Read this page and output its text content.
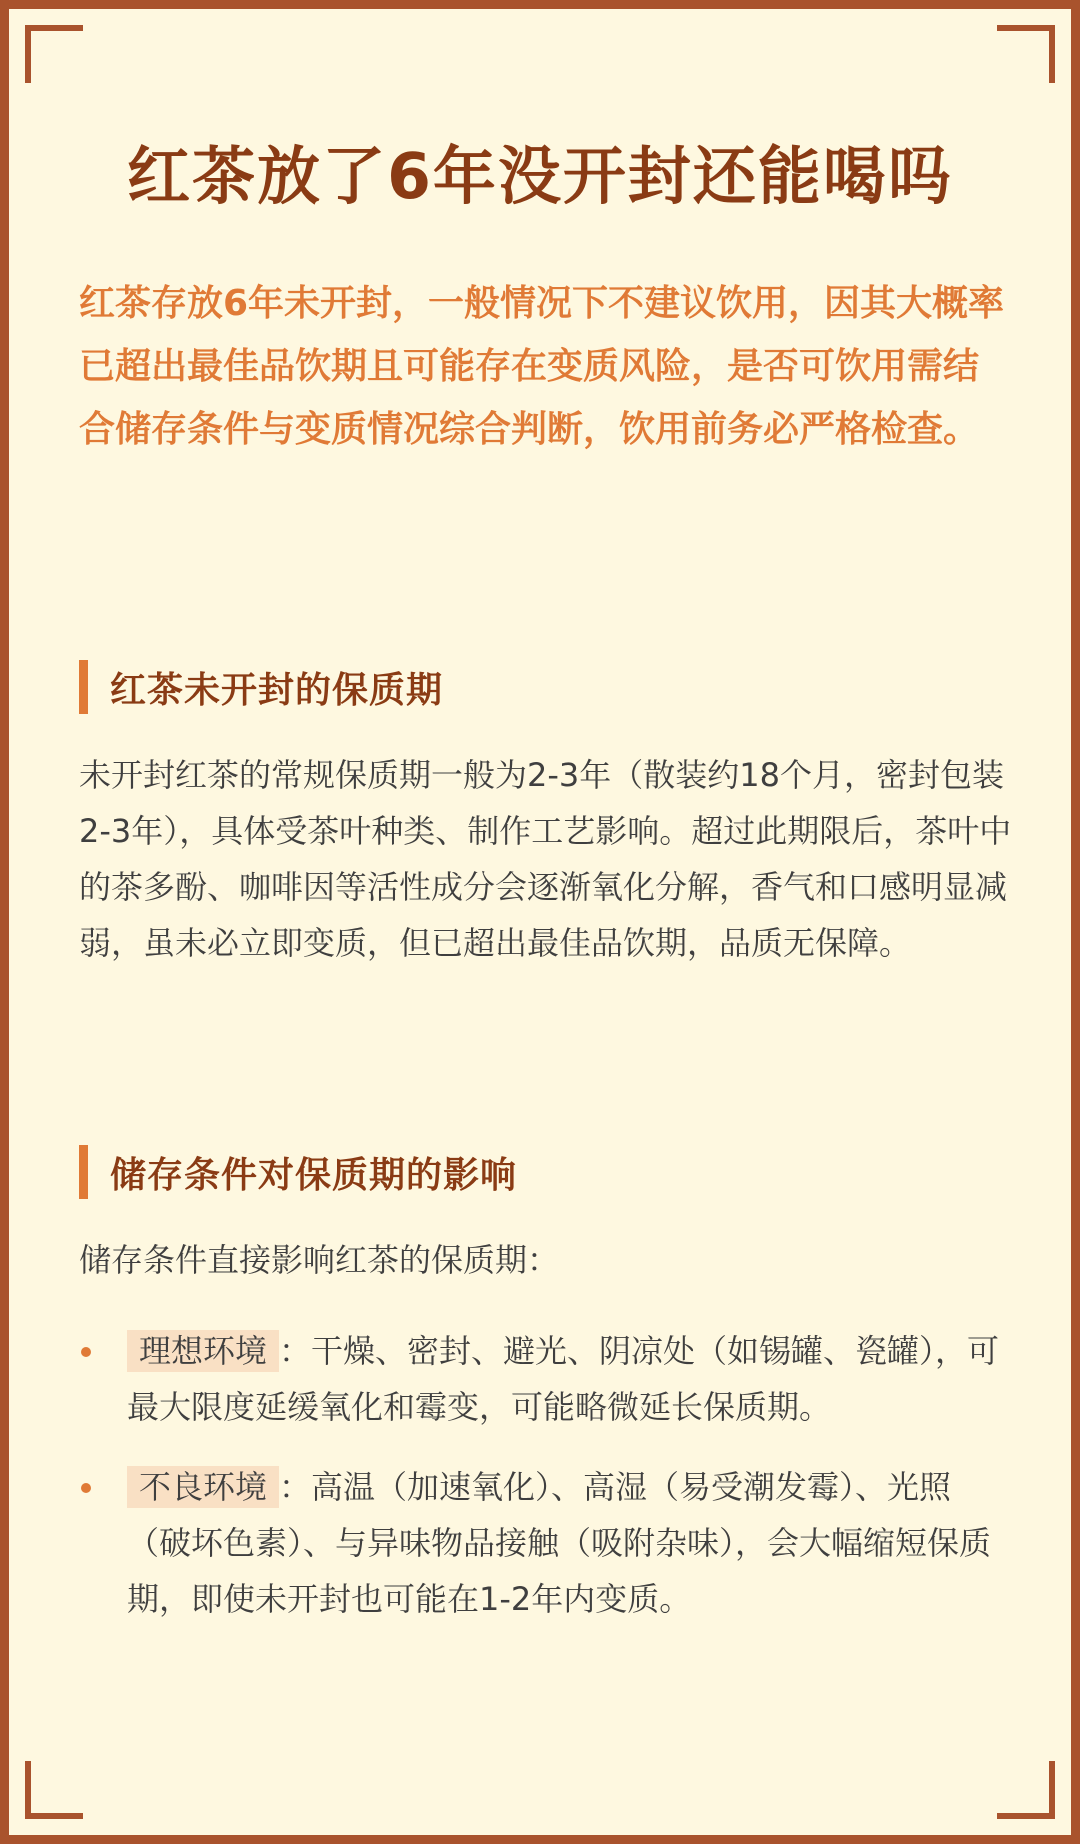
红茶放了6年没开封还能喝吗

红茶存放6年未开封，一般情况下不建议饮用，因其大概率已超出最佳品饮期且可能存在变质风险，是否可饮用需结合储存条件与变质情况综合判断，饮用前务必严格检查。

红茶未开封的保质期

未开封红茶的常规保质期一般为2-3年（散装约18个月，密封包装2-3年），具体受茶叶种类、制作工艺影响。超过此期限后，茶叶中的茶多酚、咖啡因等活性成分会逐渐氧化分解，香气和口感明显减弱，虽未必立即变质，但已超出最佳品饮期，品质无保障。

储存条件对保质期的影响

储存条件直接影响红茶的保质期：

理想环境 ：干燥、密封、避光、阴凉处（如锡罐、瓷罐），可最大限度延缓氧化和霉变，可能略微延长保质期。
不良环境 ：高温（加速氧化）、高湿（易受潮发霉）、光照（破坏色素）、与异味物品接触（吸附杂味），会大幅缩短保质期，即使未开封也可能在1-2年内变质。
